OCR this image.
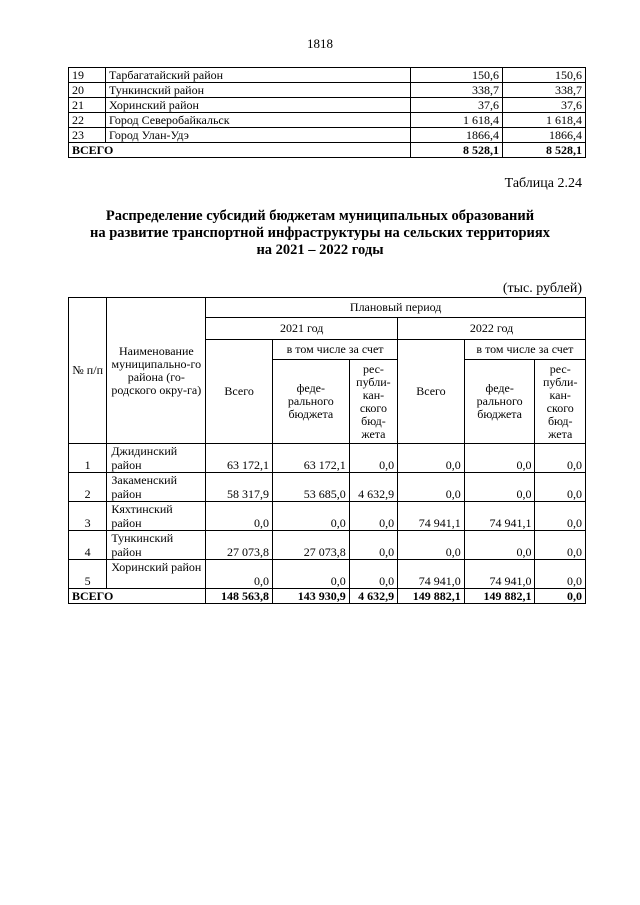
1818
19	Тарбагатайский район	150,6	150,6
20	Тункинский район	338,7	338,7
21	Хоринский район	37,6	37,6
22	Город Северобайкальск	1 618,4	1 618,4
23	Город Улан-Удэ	1866,4	1866,4
ВСЕГО		8 528,1	8 528,1
Таблица 2.24
Распределение субсидий бюджетам муниципальных образований
на развитие транспортной инфраструктуры на сельских территориях
на 2021 – 2022 годы
(тыс. рублей)
№ п/п	Наименование муниципально-го района (го-родского окру-га)	Плановый период					
		2021 год			2022 год		
		Всего	в том числе за счет		Всего	в том числе за счет	
			феде-рального бюджета	рес-публи-кан-ского бюд-жета		феде-рального бюджета	рес-публи-кан-ского бюд-жета
1	Джидинский район	63 172,1	63 172,1	0,0	0,0	0,0	0,0
2	Закаменский район	58 317,9	53 685,0	4 632,9	0,0	0,0	0,0
3	Кяхтинский район	0,0	0,0	0,0	74 941,1	74 941,1	0,0
4	Тункинский район	27 073,8	27 073,8	0,0	0,0	0,0	0,0
5	Хоринский район	0,0	0,0	0,0	74 941,0	74 941,0	0,0
ВСЕГО		148 563,8	143 930,9	4 632,9	149 882,1	149 882,1	0,0
